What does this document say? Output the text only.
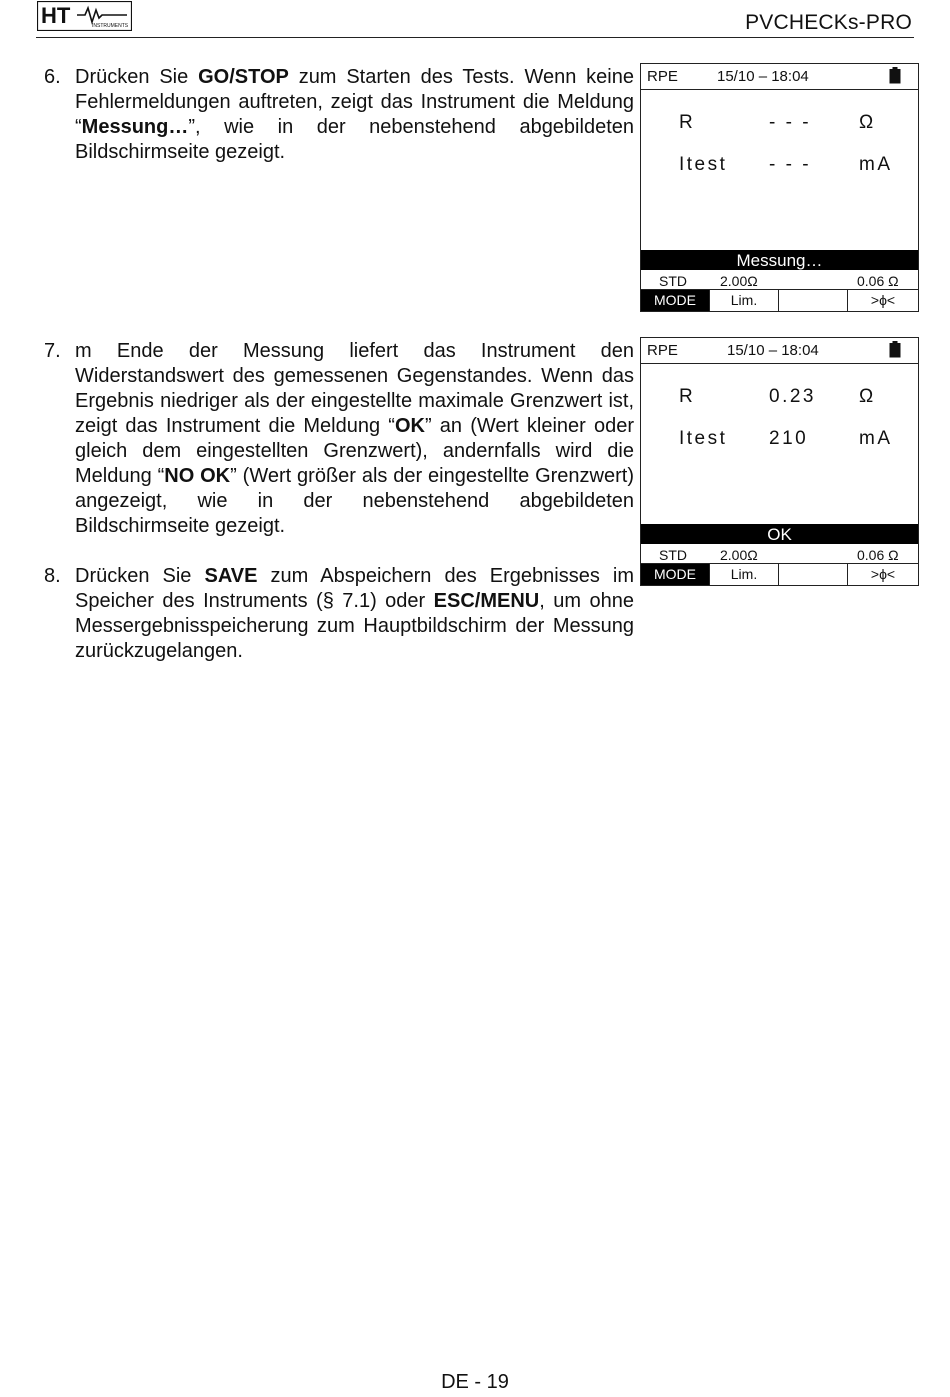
HT	INSTRUMENTS	PVCHECKs-PRO
6. Drücken Sie GO/STOP zum Starten des Tests. Wenn keine Fehlermeldungen auftreten, zeigt das Instrument die Meldung “Messung…”, wie in der nebenstehend abgebildeten Bildschirmseite gezeigt.
7. m Ende der Messung liefert das Instrument den Widerstandswert des gemessenen Gegenstandes. Wenn das Ergebnis niedriger als der eingestellte maximale Grenzwert ist, zeigt das Instrument die Meldung “OK” an (Wert kleiner oder gleich dem eingestellten Grenzwert), andernfalls wird die Meldung “NO OK” (Wert größer als der eingestellte Grenzwert) angezeigt, wie in der nebenstehend abgebildeten Bildschirmseite gezeigt.
8. Drücken Sie SAVE zum Abspeichern des Ergebnisses im Speicher des Instruments (§ 7.1) oder ESC/MENU, um ohne Messergebnisspeicherung zum Hauptbildschirm der Messung zurückzugelangen.
RPE	15/10 – 18:04
R	- - -	Ω
Itest - - -	mA
Messung…
STD 2.00Ω	0.06 Ω
MODE	Lim.	>ϕ<
RPE	15/10 – 18:04
R	0.23 Ω
Itest 210	mA
OK
STD 2.00Ω	0.06 Ω
MODE	Lim.	>ϕ<
DE - 19
